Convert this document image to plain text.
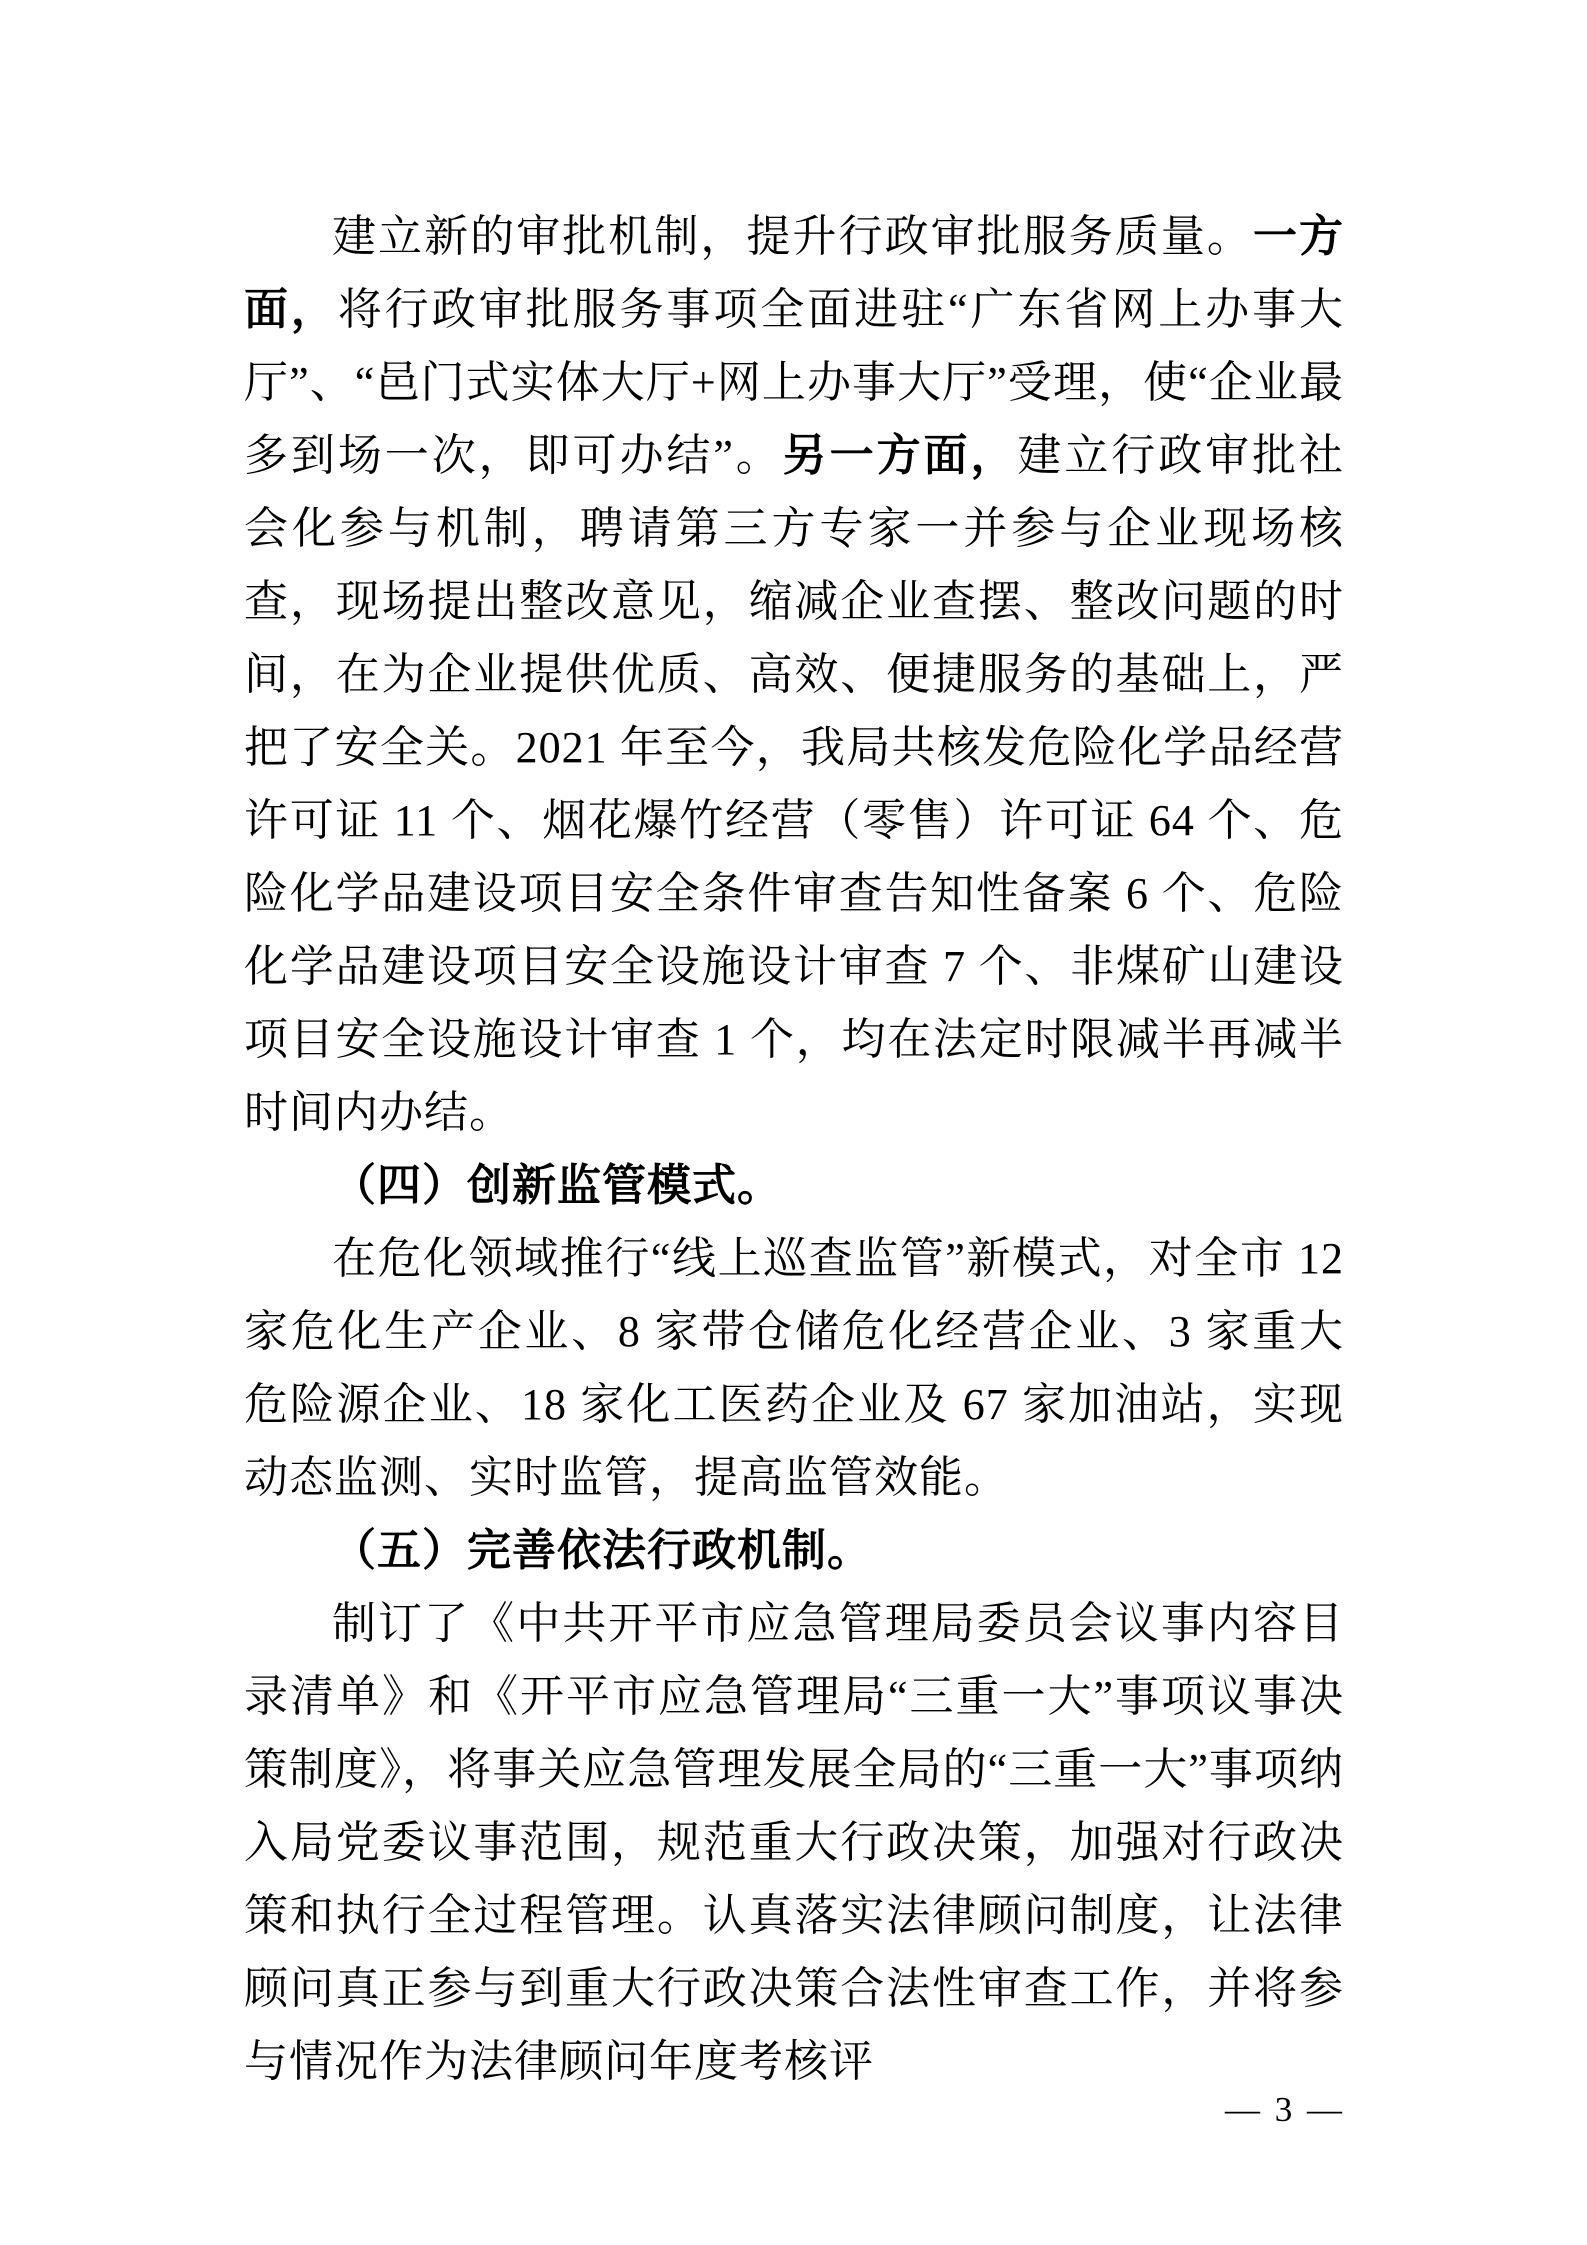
建立新的审批机制，提升行政审批服务质量。一方面，将行政审批服务事项全面进驻“广东省网上办事大厅”、“邑门式实体大厅+网上办事大厅”受理，使“企业最多到场一次，即可办结”。另一方面，建立行政审批社会化参与机制，聘请第三方专家一并参与企业现场核查，现场提出整改意见，缩减企业查摆、整改问题的时间，在为企业提供优质、高效、便捷服务的基础上，严把了安全关。2021 年至今，我局共核发危险化学品经营许可证 11 个、烟花爆竹经营（零售）许可证 64 个、危险化学品建设项目安全条件审查告知性备案 6 个、危险化学品建设项目安全设施设计审查 7 个、非煤矿山建设项目安全设施设计审查 1 个，均在法定时限减半再减半时间内办结。

（四）创新监管模式。

在危化领域推行“线上巡查监管”新模式，对全市 12 家危化生产企业、8 家带仓储危化经营企业、3 家重大危险源企业、18 家化工医药企业及 67 家加油站，实现动态监测、实时监管，提高监管效能。

（五）完善依法行政机制。

制订了《中共开平市应急管理局委员会议事内容目录清单》和《开平市应急管理局“三重一大”事项议事决策制度》，将事关应急管理发展全局的“三重一大”事项纳入局党委议事范围，规范重大行政决策，加强对行政决策和执行全过程管理。认真落实法律顾问制度，让法律顾问真正参与到重大行政决策合法性审查工作，并将参与情况作为法律顾问年度考核评

— 3 —
